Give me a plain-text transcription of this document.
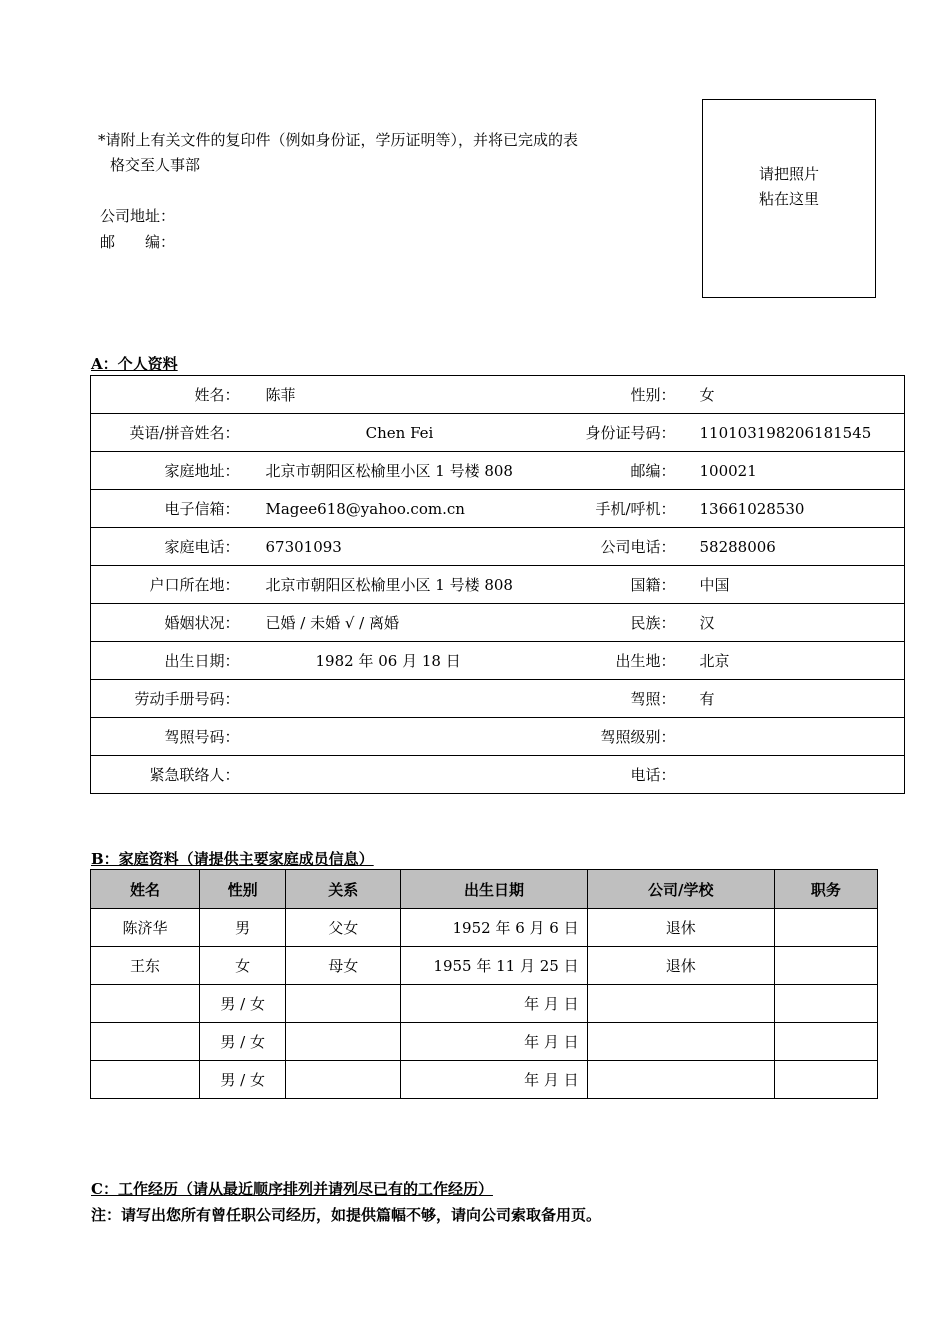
*请附上有关文件的复印件（例如身份证，学历证明等），并将已完成的表
格交至人事部
公司地址：
邮　　编：
请把照片
粘在这里
A：个人资料
姓名：	陈菲	性别：	女
英语/拼音姓名：	Chen Fei	身份证号码：	110103198206181545
家庭地址：	北京市朝阳区松榆里小区 1 号楼 808	邮编：	100021
电子信箱：	Magee618@yahoo.com.cn	手机/呼机：	13661028530
家庭电话：	67301093	公司电话：	58288006
户口所在地：	北京市朝阳区松榆里小区 1 号楼 808	国籍：	中国
婚姻状况：	已婚 / 未婚 √ / 离婚	民族：	汉
出生日期：	1982 年 06 月 18 日	出生地：	北京
劳动手册号码：		驾照：	有
驾照号码：		驾照级别：	
紧急联络人：		电话：	
B：家庭资料（请提供主要家庭成员信息）
姓名	性别	关系	出生日期	公司/学校	职务
陈济华	男	父女	1952 年 6 月 6 日	退休	
王东	女	母女	1955 年 11 月 25 日	退休	
	男 / 女		年 月 日		
	男 / 女		年 月 日		
	男 / 女		年 月 日		
C：工作经历（请从最近顺序排列并请列尽已有的工作经历）
注：请写出您所有曾任职公司经历，如提供篇幅不够，请向公司索取备用页。
